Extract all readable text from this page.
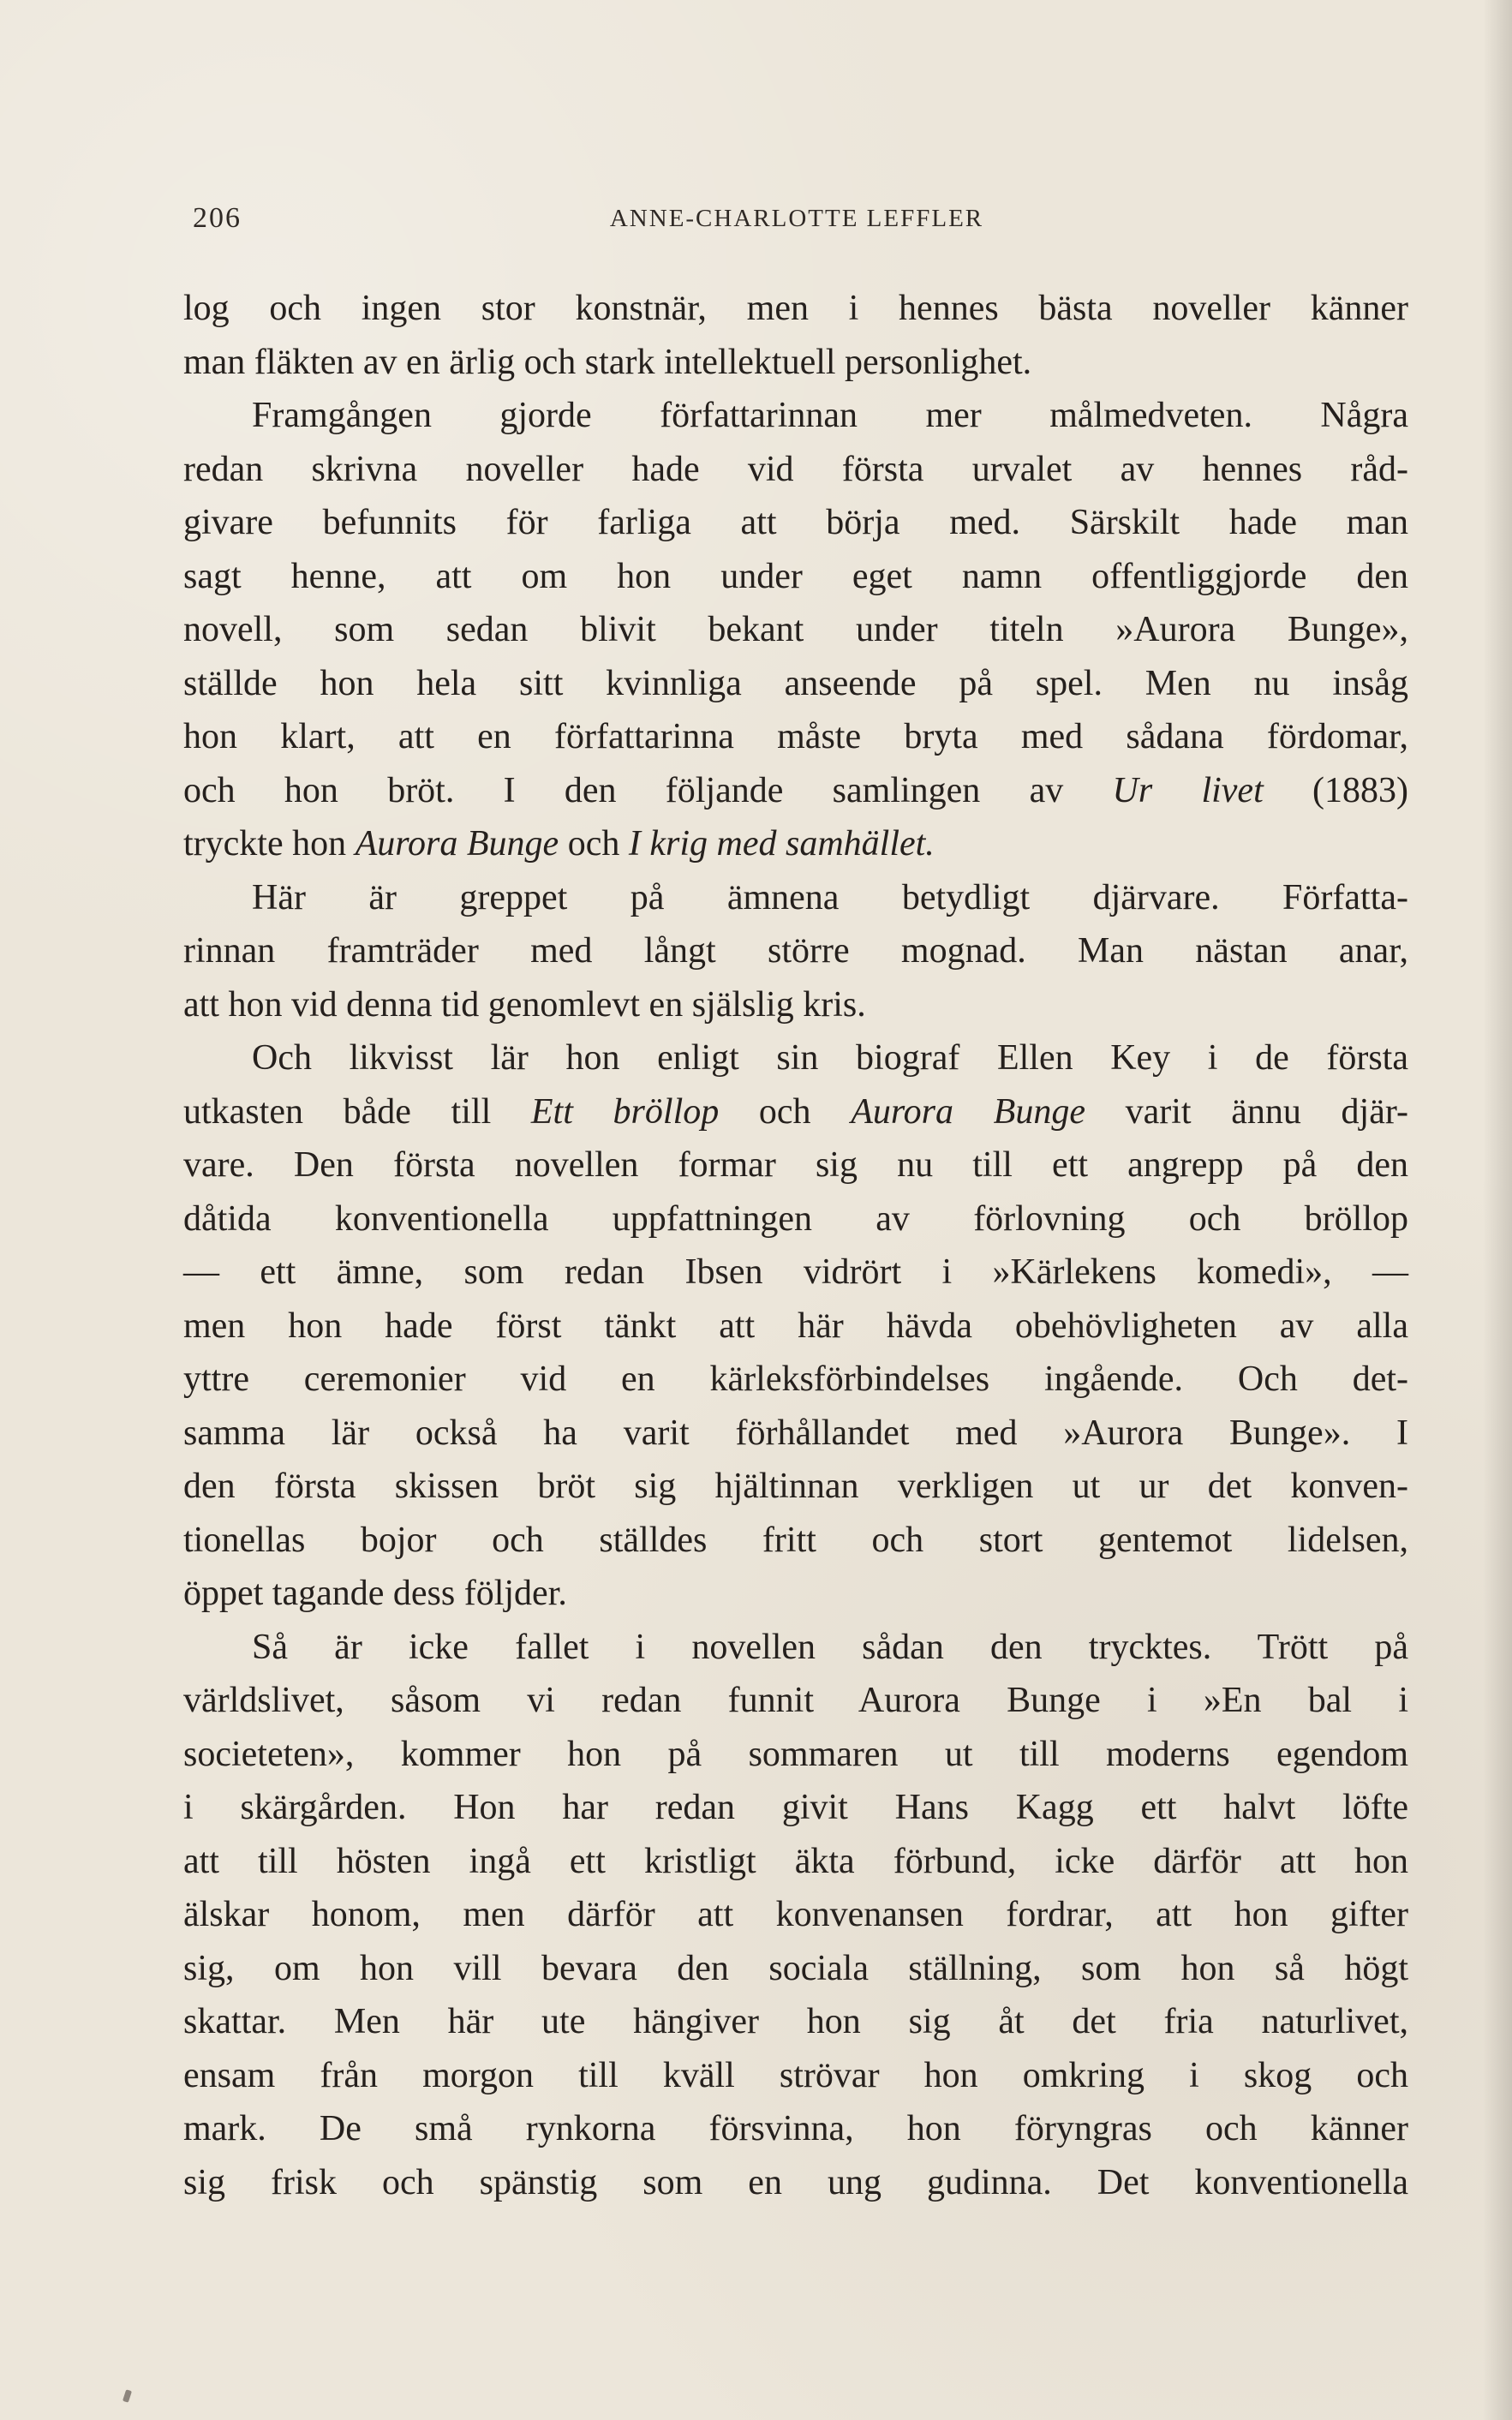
206	ANNE-CHARLOTTE LEFFLER
log och ingen stor konstnär, men i hennes bästa noveller känner
man fläkten av en ärlig och stark intellektuell personlighet.
Framgången gjorde författarinnan mer målmedveten. Några
redan skrivna noveller hade vid första urvalet av hennes råd-
givare befunnits för farliga att börja med. Särskilt hade man
sagt henne, att om hon under eget namn offentliggjorde den
novell, som sedan blivit bekant under titeln »Aurora Bunge»,
ställde hon hela sitt kvinnliga anseende på spel. Men nu insåg
hon klart, att en författarinna måste bryta med sådana fördomar,
och hon bröt. I den följande samlingen av Ur livet (1883)
tryckte hon Aurora Bunge och I krig med samhället.
Här är greppet på ämnena betydligt djärvare. Författa-
rinnan framträder med långt större mognad. Man nästan anar,
att hon vid denna tid genomlevt en själslig kris.
Och likvisst lär hon enligt sin biograf Ellen Key i de första
utkasten både till Ett bröllop och Aurora Bunge varit ännu djär-
vare. Den första novellen formar sig nu till ett angrepp på den
dåtida konventionella uppfattningen av förlovning och bröllop
— ett ämne, som redan Ibsen vidrört i »Kärlekens komedi», —
men hon hade först tänkt att här hävda obehövligheten av alla
yttre ceremonier vid en kärleksförbindelses ingående. Och det-
samma lär också ha varit förhållandet med »Aurora Bunge». I
den första skissen bröt sig hjältinnan verkligen ut ur det konven-
tionellas bojor och ställdes fritt och stort gentemot lidelsen,
öppet tagande dess följder.
Så är icke fallet i novellen sådan den trycktes. Trött på
världslivet, såsom vi redan funnit Aurora Bunge i »En bal i
societeten», kommer hon på sommaren ut till moderns egendom
i skärgården. Hon har redan givit Hans Kagg ett halvt löfte
att till hösten ingå ett kristligt äkta förbund, icke därför att hon
älskar honom, men därför att konvenansen fordrar, att hon gifter
sig, om hon vill bevara den sociala ställning, som hon så högt
skattar. Men här ute hängiver hon sig åt det fria naturlivet,
ensam från morgon till kväll strövar hon omkring i skog och
mark. De små rynkorna försvinna, hon föryngras och känner
sig frisk och spänstig som en ung gudinna. Det konventionella
